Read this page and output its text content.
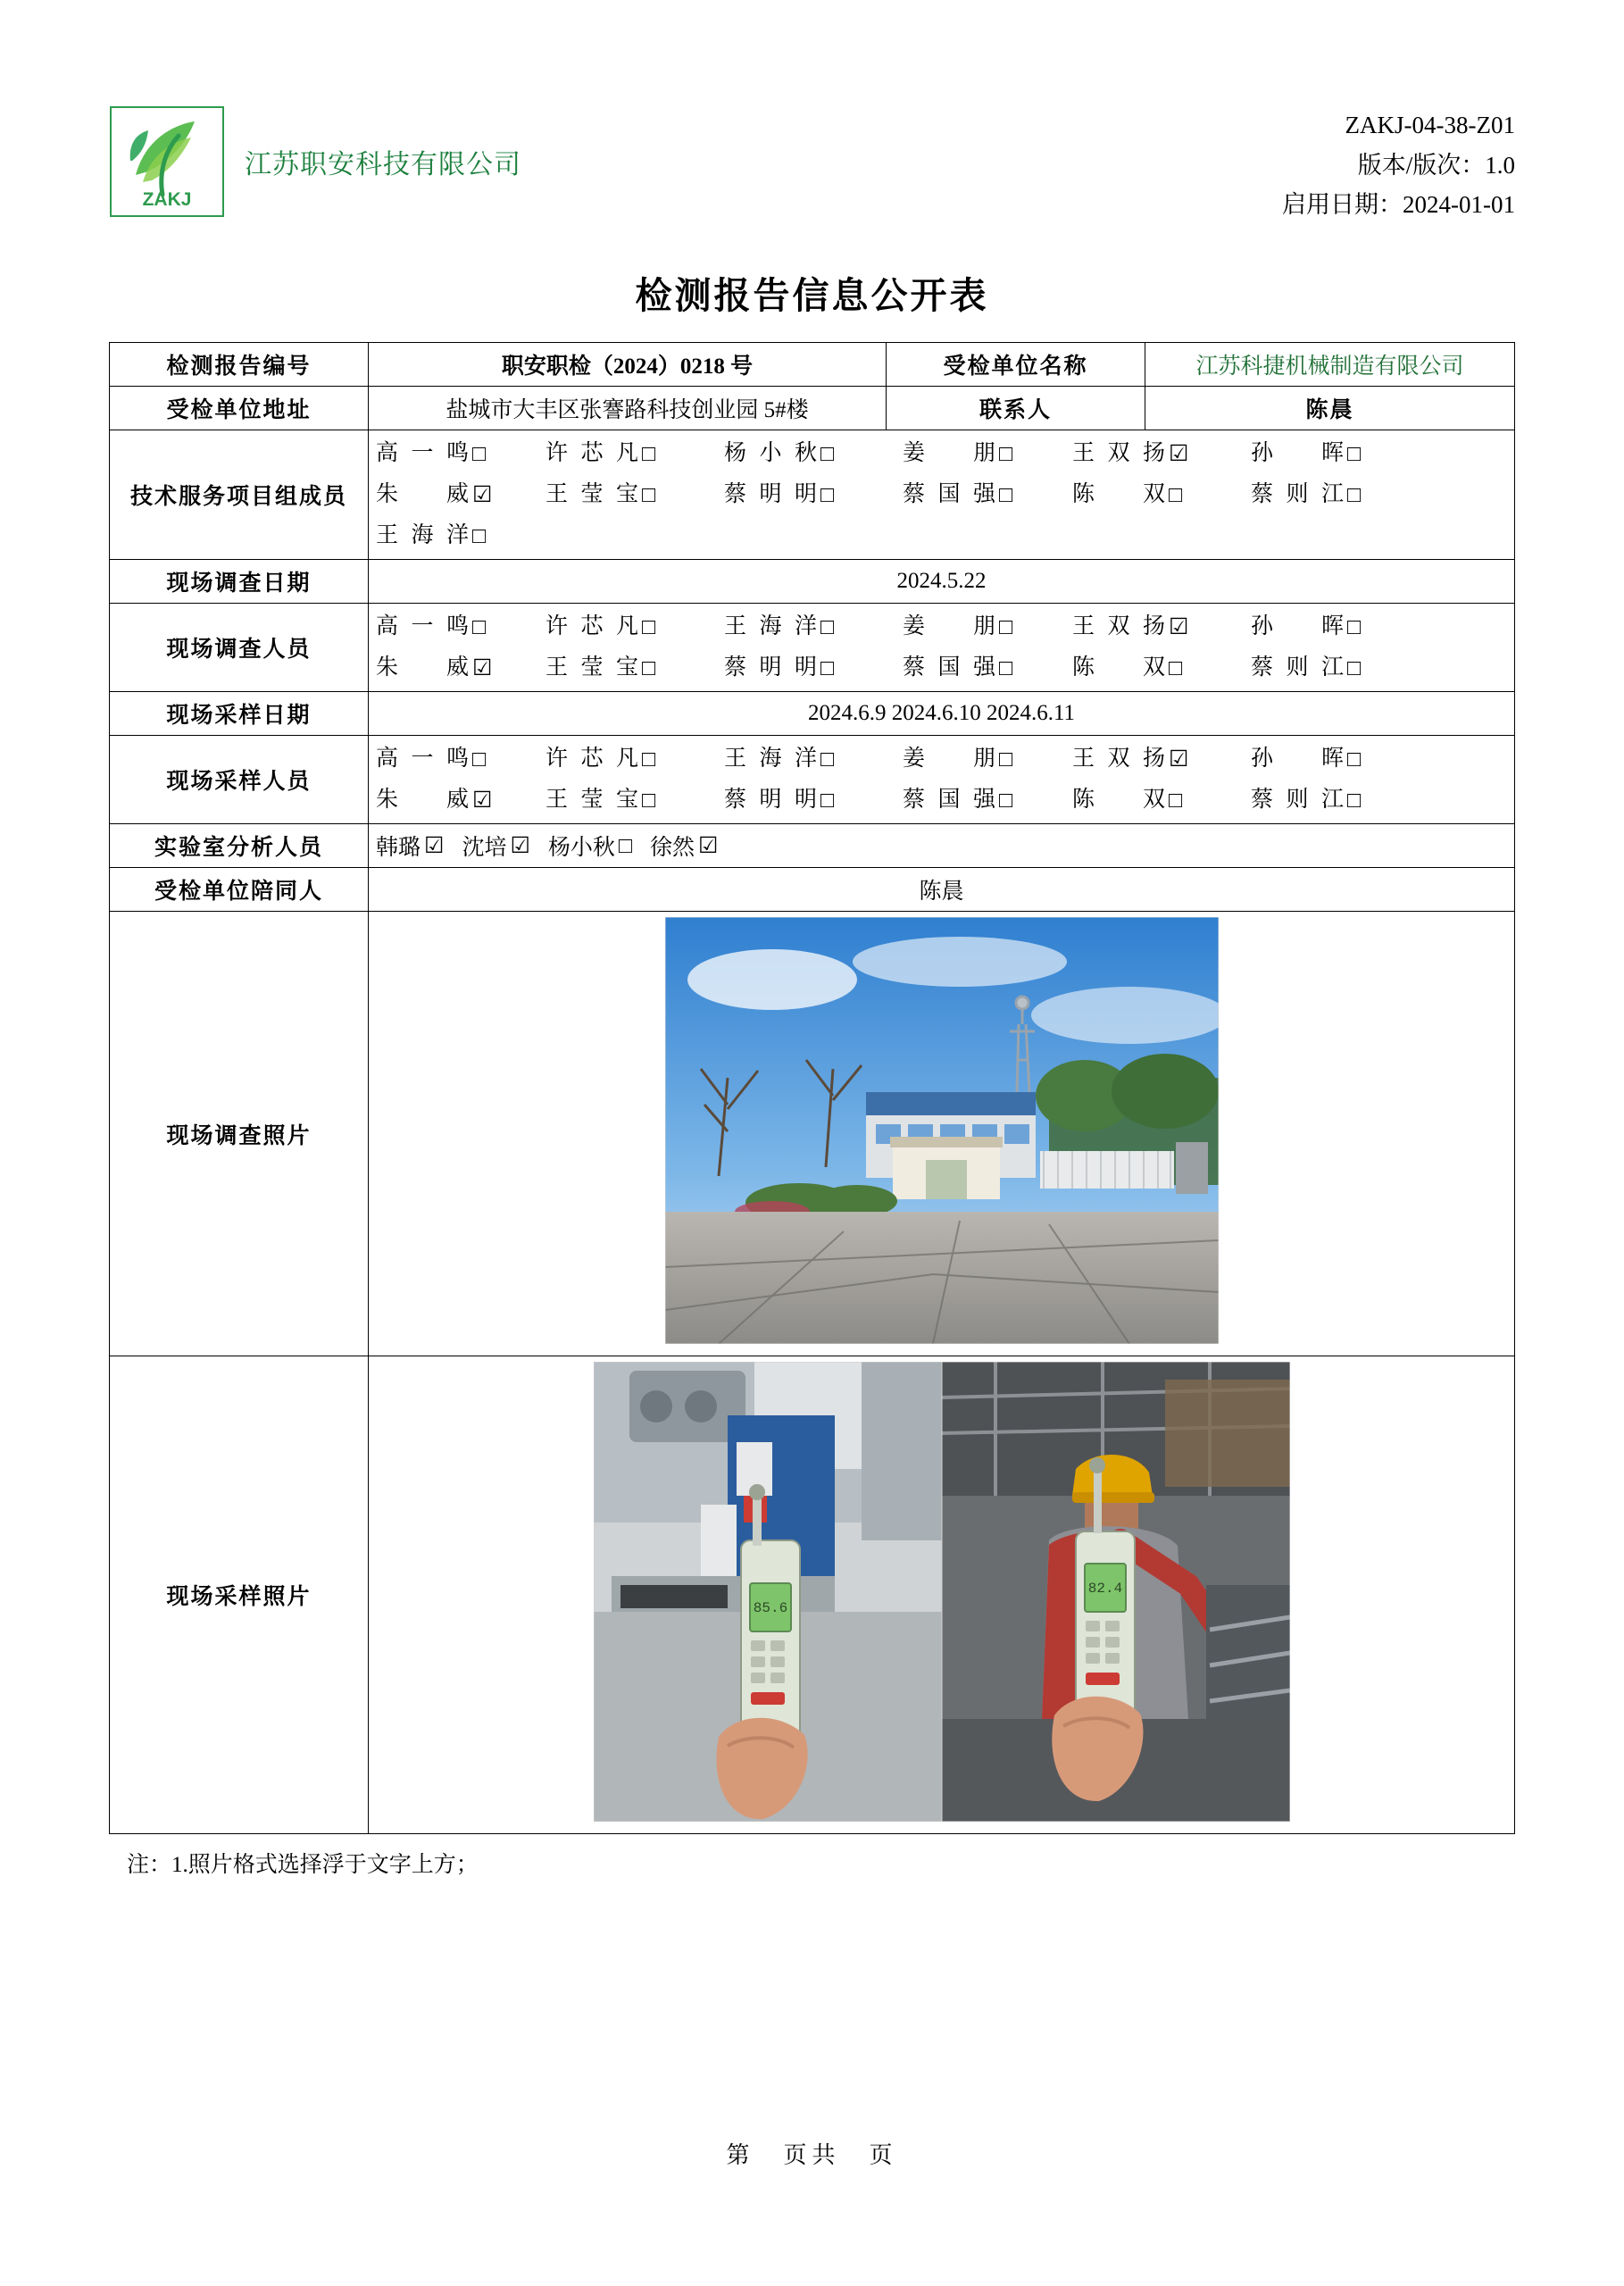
ZAKJ
江苏职安科技有限公司
ZAKJ-04-38-Z01
版本/版次：1.0
启用日期：2024-01-01
检测报告信息公开表
检测报告编号	职安职检（2024）0218 号	受检单位名称	江苏科捷机械制造有限公司
受检单位地址	盐城市大丰区张謇路科技创业园 5#楼	联系人	陈晨
技术服务项目组成员	
高一鸣 □	许芯凡 □	杨小秋 □	姜　朋 □	王双扬 ☑	孙　晖 □
朱　威 ☑ 王莹宝 □	蔡明明 □	蔡国强 □	陈　双 □	蔡则江 □
王海洋 □

现场调查日期	2024.5.22		
现场调查人员	
高一鸣 □	许芯凡 □	王海洋 □	姜　朋 □	王双扬 ☑	孙　晖 □
朱　威 ☑ 王莹宝 □	蔡明明 □	蔡国强 □	陈　双 □	蔡则江 □

现场采样日期	2024.6.9 2024.6.10 2024.6.11		
现场采样人员	
高一鸣 □	许芯凡 □	王海洋 □	姜　朋 □	王双扬 ☑	孙　晖 □
朱　威 ☑ 王莹宝 □	蔡明明 □	蔡国强 □	陈　双 □	蔡则江 □

实验室分析人员	韩璐 ☑ 沈培 ☑ 杨小秋 □ 徐然 ☑

受检单位陪同人	陈晨		
现场调查照片	
现场采样照片	85.6
82.4		
注：1.照片格式选择浮于文字上方；
第　页共　页
